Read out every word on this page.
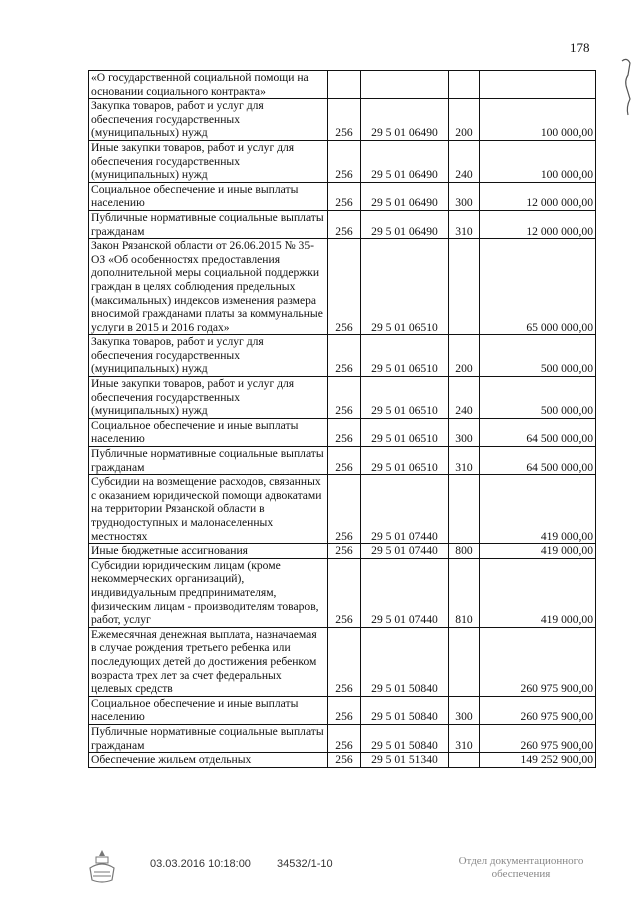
178
«О государственной социальной помощи на основании социального контракта»				
Закупка товаров, работ и услуг для обеспечения государственных (муниципальных) нужд	256	29 5 01 06490	200	100 000,00
Иные закупки товаров, работ и услуг для обеспечения государственных (муниципальных) нужд	256	29 5 01 06490	240	100 000,00
Социальное обеспечение и иные выплаты населению	256	29 5 01 06490	300	12 000 000,00
Публичные нормативные социальные выплаты гражданам	256	29 5 01 06490	310	12 000 000,00
Закон Рязанской области от 26.06.2015 № 35-ОЗ «Об особенностях предоставления дополнительной меры социальной поддержки граждан в целях соблюдения предельных (максимальных) индексов изменения размера вносимой гражданами платы за коммунальные услуги в 2015 и 2016 годах»	256	29 5 01 06510		65 000 000,00
Закупка товаров, работ и услуг для обеспечения государственных (муниципальных) нужд	256	29 5 01 06510	200	500 000,00
Иные закупки товаров, работ и услуг для обеспечения государственных (муниципальных) нужд	256	29 5 01 06510	240	500 000,00
Социальное обеспечение и иные выплаты населению	256	29 5 01 06510	300	64 500 000,00
Публичные нормативные социальные выплаты гражданам	256	29 5 01 06510	310	64 500 000,00
Субсидии на возмещение расходов, связанных с оказанием юридической помощи адвокатами на территории Рязанской области в труднодоступных и малонаселенных местностях	256	29 5 01 07440		419 000,00
Иные бюджетные ассигнования	256	29 5 01 07440	800	419 000,00
Субсидии юридическим лицам (кроме некоммерческих организаций), индивидуальным предпринимателям, физическим лицам - производителям товаров, работ, услуг	256	29 5 01 07440	810	419 000,00
Ежемесячная денежная выплата, назначаемая в случае рождения третьего ребенка или последующих детей до достижения ребенком возраста трех лет за счет федеральных целевых средств	256	29 5 01 50840		260 975 900,00
Социальное обеспечение и иные выплаты населению	256	29 5 01 50840	300	260 975 900,00
Публичные нормативные социальные выплаты гражданам	256	29 5 01 50840	310	260 975 900,00
Обеспечение жильем отдельных	256	29 5 01 51340		149 252 900,00
03.03.2016 10:18:00 34532/1-10	Отдел документационного обеспечения
